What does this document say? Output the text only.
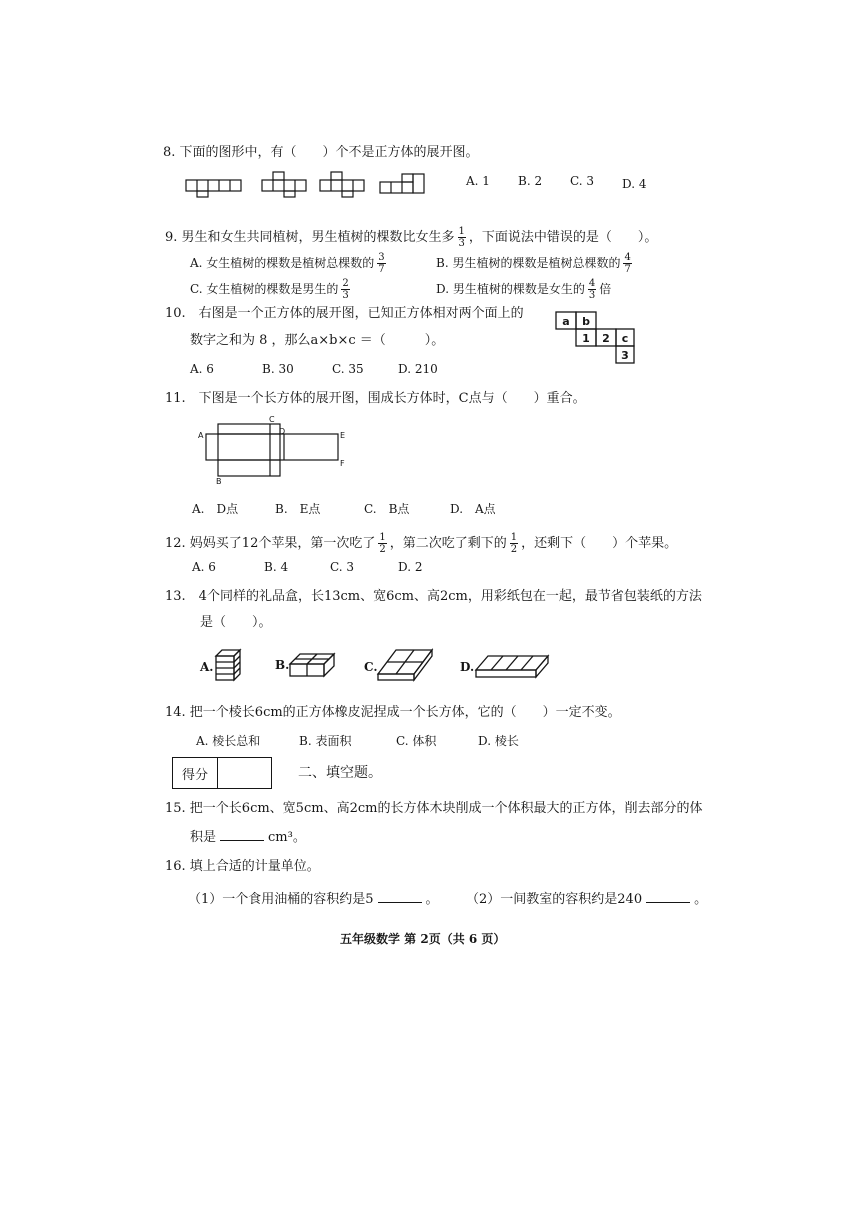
8. 下面的图形中，有（　　）个不是正方体的展开图。
A. 1 B. 2 C. 3 D. 4
9. 男生和女生共同植树，男生植树的棵数比女生多 $\frac{1}{3}$ ，下面说法中错误的是（　　）。
A. 女生植树的棵数是植树总棵数的 $\frac{3}{7}$	B. 男生植树的棵数是植树总棵数的 $\frac{4}{7}$
C. 女生植树的棵数是男生的 $\frac{2}{3}$	D. 男生植树的棵数是女生的 $\frac{4}{3}$ 倍
10.　右图是一个正方体的展开图，已知正方体相对两个面上的
数字之和为 8 ，那么a×b×c ＝（　　　）。
A. 6	B. 30	C. 35	D. 210
a b
1 2 c
3
11.　下图是一个长方体的展开图，围成长方体时，C点与（　　）重合。
A
B
C
D	E
F
A.　D点	B.　E点	C.　B点	D.　A点
12. 妈妈买了12个苹果，第一次吃了 $\frac{1}{2}$ ，第二次吃了剩下的 $\frac{1}{2}$ ，还剩下（　　）个苹果。
A. 6	B. 4	C. 3	D. 2
13.　4个同样的礼品盒，长13cm、宽6cm、高2cm，用彩纸包在一起，最节省包装纸的方法
是（　　）。
A.	B.	C.	D.
14. 把一个棱长6cm的正方体橡皮泥捏成一个长方体，它的（　　）一定不变。
A. 棱长总和	B. 表面积	C. 体积	D. 棱长
得分	二、填空题。
15. 把一个长6cm、宽5cm、高2cm的长方体木块削成一个体积最大的正方体，削去部分的体
积是	cm³。
16. 填上合适的计量单位。
（1）一个食用油桶的容积约是5	。 （2）一间教室的容积约是240	。
五年级数学 第 2页（共 6 页）
